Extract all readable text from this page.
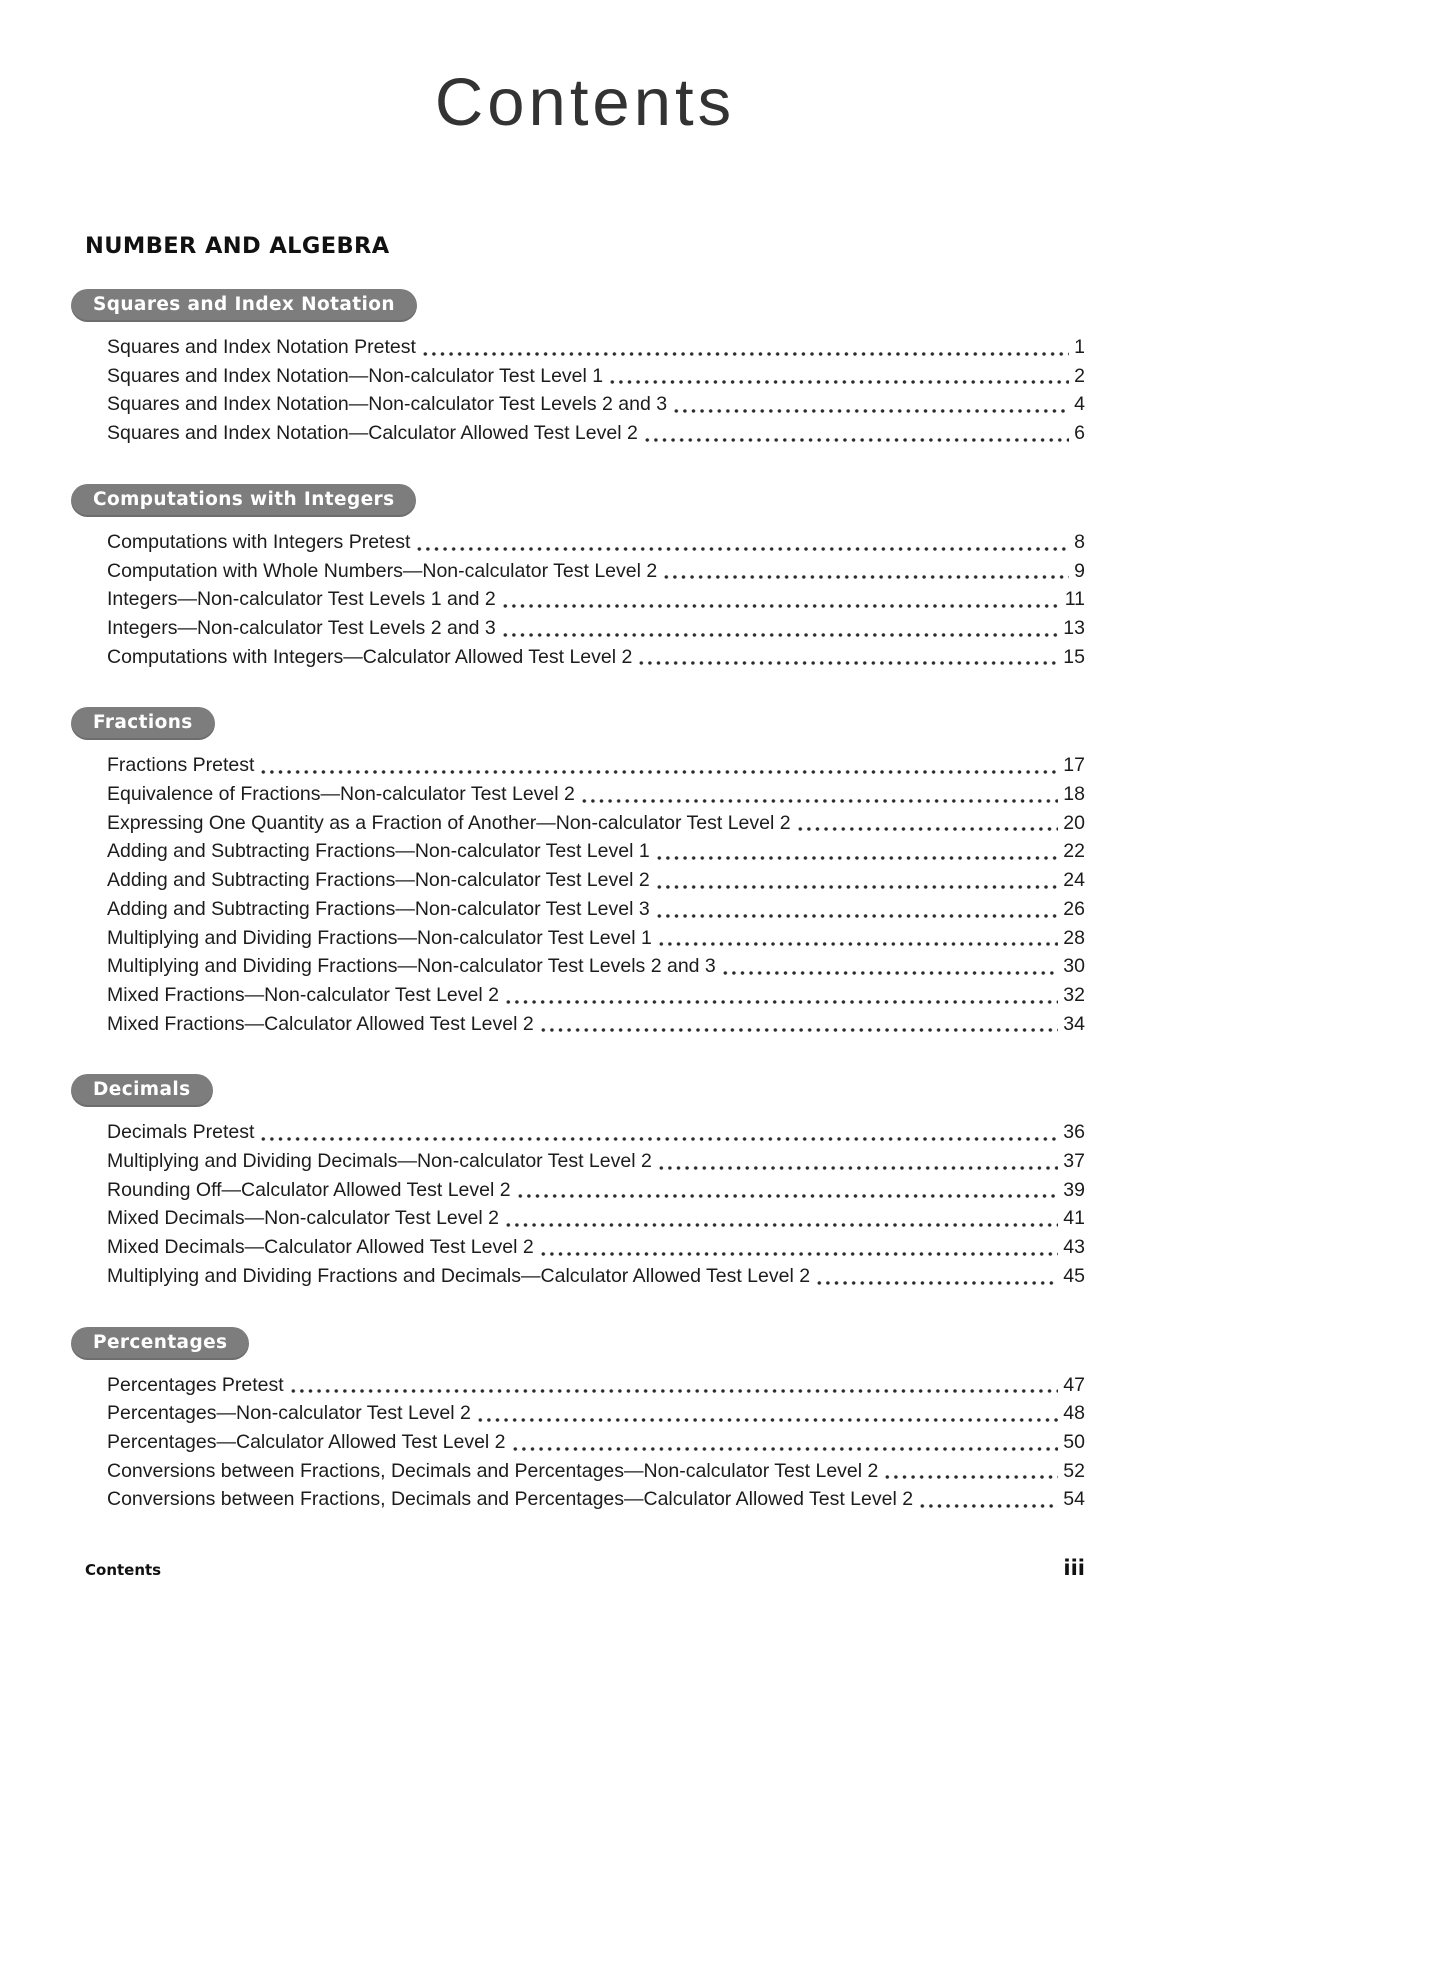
Contents
NUMBER AND ALGEBRA
Squares and Index Notation
Squares and Index Notation Pretest	1
Squares and Index Notation—Non-calculator Test Level 1	2
Squares and Index Notation—Non-calculator Test Levels 2 and 3	4
Squares and Index Notation—Calculator Allowed Test Level 2	6
Computations with Integers
Computations with Integers Pretest	8
Computation with Whole Numbers—Non-calculator Test Level 2	9
Integers—Non-calculator Test Levels 1 and 2	11
Integers—Non-calculator Test Levels 2 and 3	13
Computations with Integers—Calculator Allowed Test Level 2	15
Fractions
Fractions Pretest	17
Equivalence of Fractions—Non-calculator Test Level 2	18
Expressing One Quantity as a Fraction of Another—Non-calculator Test Level 2	20
Adding and Subtracting Fractions—Non-calculator Test Level 1	22
Adding and Subtracting Fractions—Non-calculator Test Level 2	24
Adding and Subtracting Fractions—Non-calculator Test Level 3	26
Multiplying and Dividing Fractions—Non-calculator Test Level 1	28
Multiplying and Dividing Fractions—Non-calculator Test Levels 2 and 3	30
Mixed Fractions—Non-calculator Test Level 2	32
Mixed Fractions—Calculator Allowed Test Level 2	34
Decimals
Decimals Pretest	36
Multiplying and Dividing Decimals—Non-calculator Test Level 2	37
Rounding Off—Calculator Allowed Test Level 2	39
Mixed Decimals—Non-calculator Test Level 2	41
Mixed Decimals—Calculator Allowed Test Level 2	43
Multiplying and Dividing Fractions and Decimals—Calculator Allowed Test Level 2	45
Percentages
Percentages Pretest	47
Percentages—Non-calculator Test Level 2	48
Percentages—Calculator Allowed Test Level 2	50
Conversions between Fractions, Decimals and Percentages—Non-calculator Test Level 2	52
Conversions between Fractions, Decimals and Percentages—Calculator Allowed Test Level 2	54
Contents	iii
